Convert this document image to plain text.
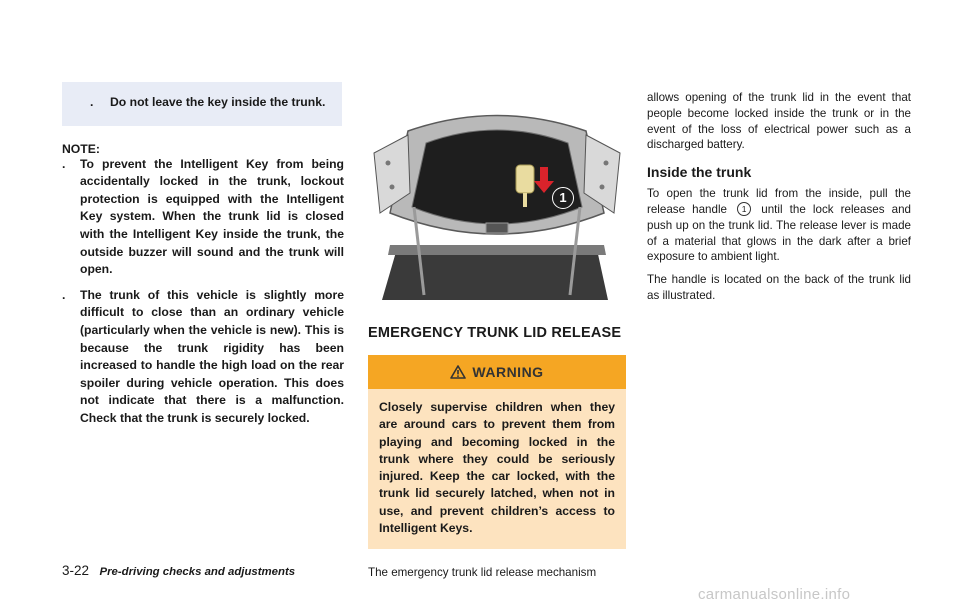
. Do not leave the key inside the trunk.
NOTE:
. To prevent the Intelligent Key from being accidentally locked in the trunk, lockout protection is equipped with the Intelligent Key system. When the trunk lid is closed with the Intelligent Key inside the trunk, the outside buzzer will sound and the trunk will open.
. The trunk of this vehicle is slightly more difficult to close than an ordinary vehicle (particularly when the vehicle is new). This is because the trunk rigidity has been increased to handle the high load on the rear spoiler during vehicle operation. This does not indicate that there is a malfunction. Check that the trunk is securely locked.
1
EMERGENCY TRUNK LID RELEASE
WARNING
Closely supervise children when they are around cars to prevent them from playing and becoming locked in the trunk where they could be seriously injured. Keep the car locked, with the trunk lid securely latched, when not in use, and prevent children’s access to Intelligent Keys.
The emergency trunk lid release mechanism
allows opening of the trunk lid in the event that people become locked inside the trunk or in the event of the loss of electrical power such as a discharged battery.
Inside the trunk
To open the trunk lid from the inside, pull the release handle 1 until the lock releases and push up on the trunk lid. The release lever is made of a material that glows in the dark after a brief exposure to ambient light.
The handle is located on the back of the trunk lid as illustrated.
3-22 Pre-driving checks and adjustments
carmanualsonline.info
